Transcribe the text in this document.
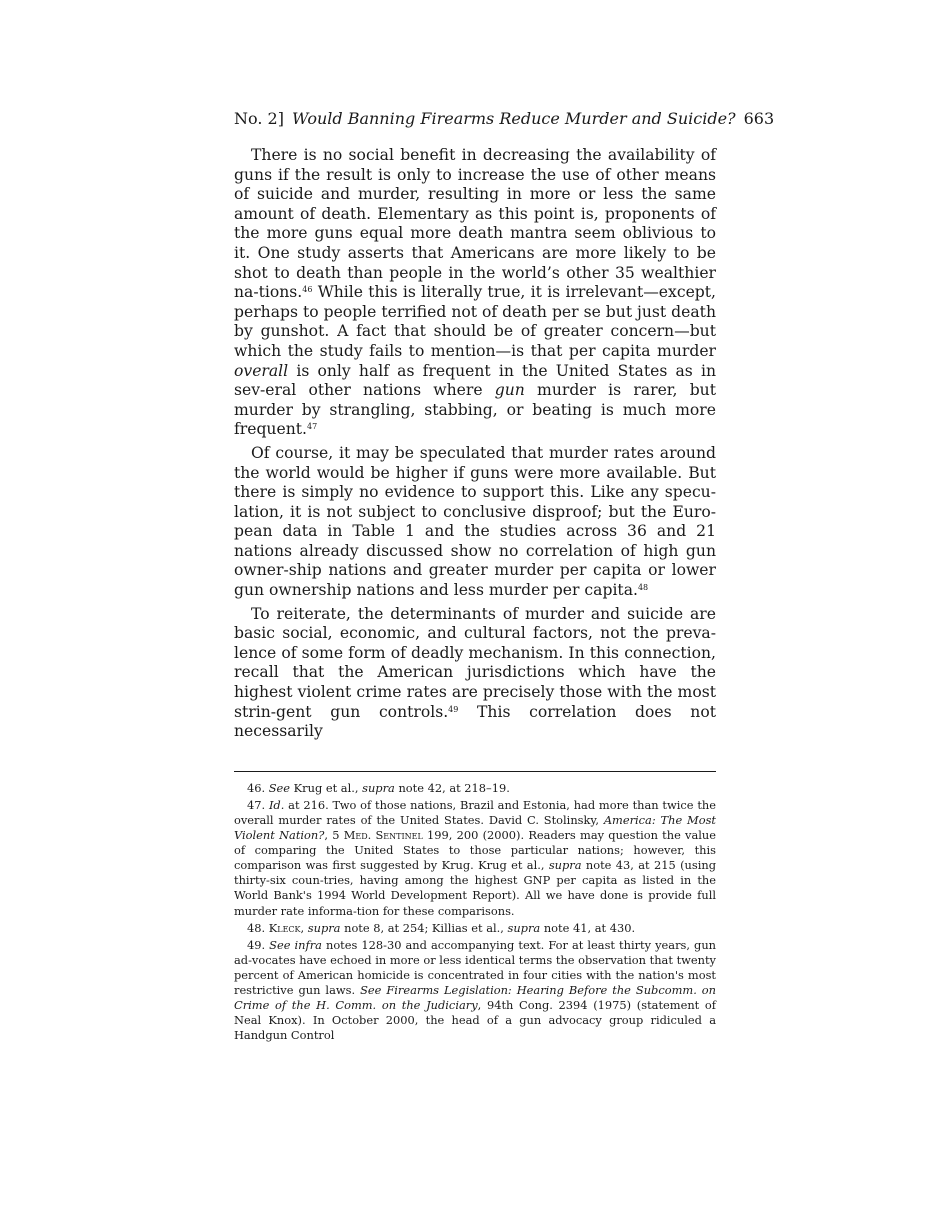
No. 2] Would Banning Firearms Reduce Murder and Suicide? 663

There is no social benefit in decreasing the availability of guns if the result is only to increase the use of other means of suicide and murder, resulting in more or less the same amount of death. Elementary as this point is, proponents of the more guns equal more death mantra seem oblivious to it. One study asserts that Americans are more likely to be shot to death than people in the world’s other 35 wealthier na-tions.$^{46}$ While this is literally true, it is irrelevant—except, perhaps to people terrified not of death per se but just death by gunshot. A fact that should be of greater concern—but which the study fails to mention—is that per capita murder overall is only half as frequent in the United States as in sev-eral other nations where gun murder is rarer, but murder by strangling, stabbing, or beating is much more frequent.$^{47}$

Of course, it may be speculated that murder rates around the world would be higher if guns were more available. But there is simply no evidence to support this. Like any specu-lation, it is not subject to conclusive disproof; but the Euro-pean data in Table 1 and the studies across 36 and 21 nations already discussed show no correlation of high gun owner-ship nations and greater murder per capita or lower gun ownership nations and less murder per capita.$^{48}$

To reiterate, the determinants of murder and suicide are basic social, economic, and cultural factors, not the preva-lence of some form of deadly mechanism. In this connection, recall that the American jurisdictions which have the highest violent crime rates are precisely those with the most strin-gent gun controls.$^{49}$ This correlation does not necessarily

46. See Krug et al., supra note 42, at 218–19.

47. Id. at 216. Two of those nations, Brazil and Estonia, had more than twice the overall murder rates of the United States. David C. Stolinsky, America: The Most Violent Nation?, 5 Med. Sentinel 199, 200 (2000). Readers may question the value of comparing the United States to those particular nations; however, this comparison was first suggested by Krug. Krug et al., supra note 43, at 215 (using thirty-six coun-tries, having among the highest GNP per capita as listed in the World Bank's 1994 World Development Report). All we have done is provide full murder rate informa-tion for these comparisons.

48. Kleck, supra note 8, at 254; Killias et al., supra note 41, at 430.

49. See infra notes 128-30 and accompanying text. For at least thirty years, gun ad-vocates have echoed in more or less identical terms the observation that twenty percent of American homicide is concentrated in four cities with the nation's most restrictive gun laws. See Firearms Legislation: Hearing Before the Subcomm. on Crime of the H. Comm. on the Judiciary, 94th Cong. 2394 (1975) (statement of Neal Knox). In October 2000, the head of a gun advocacy group ridiculed a Handgun Control
